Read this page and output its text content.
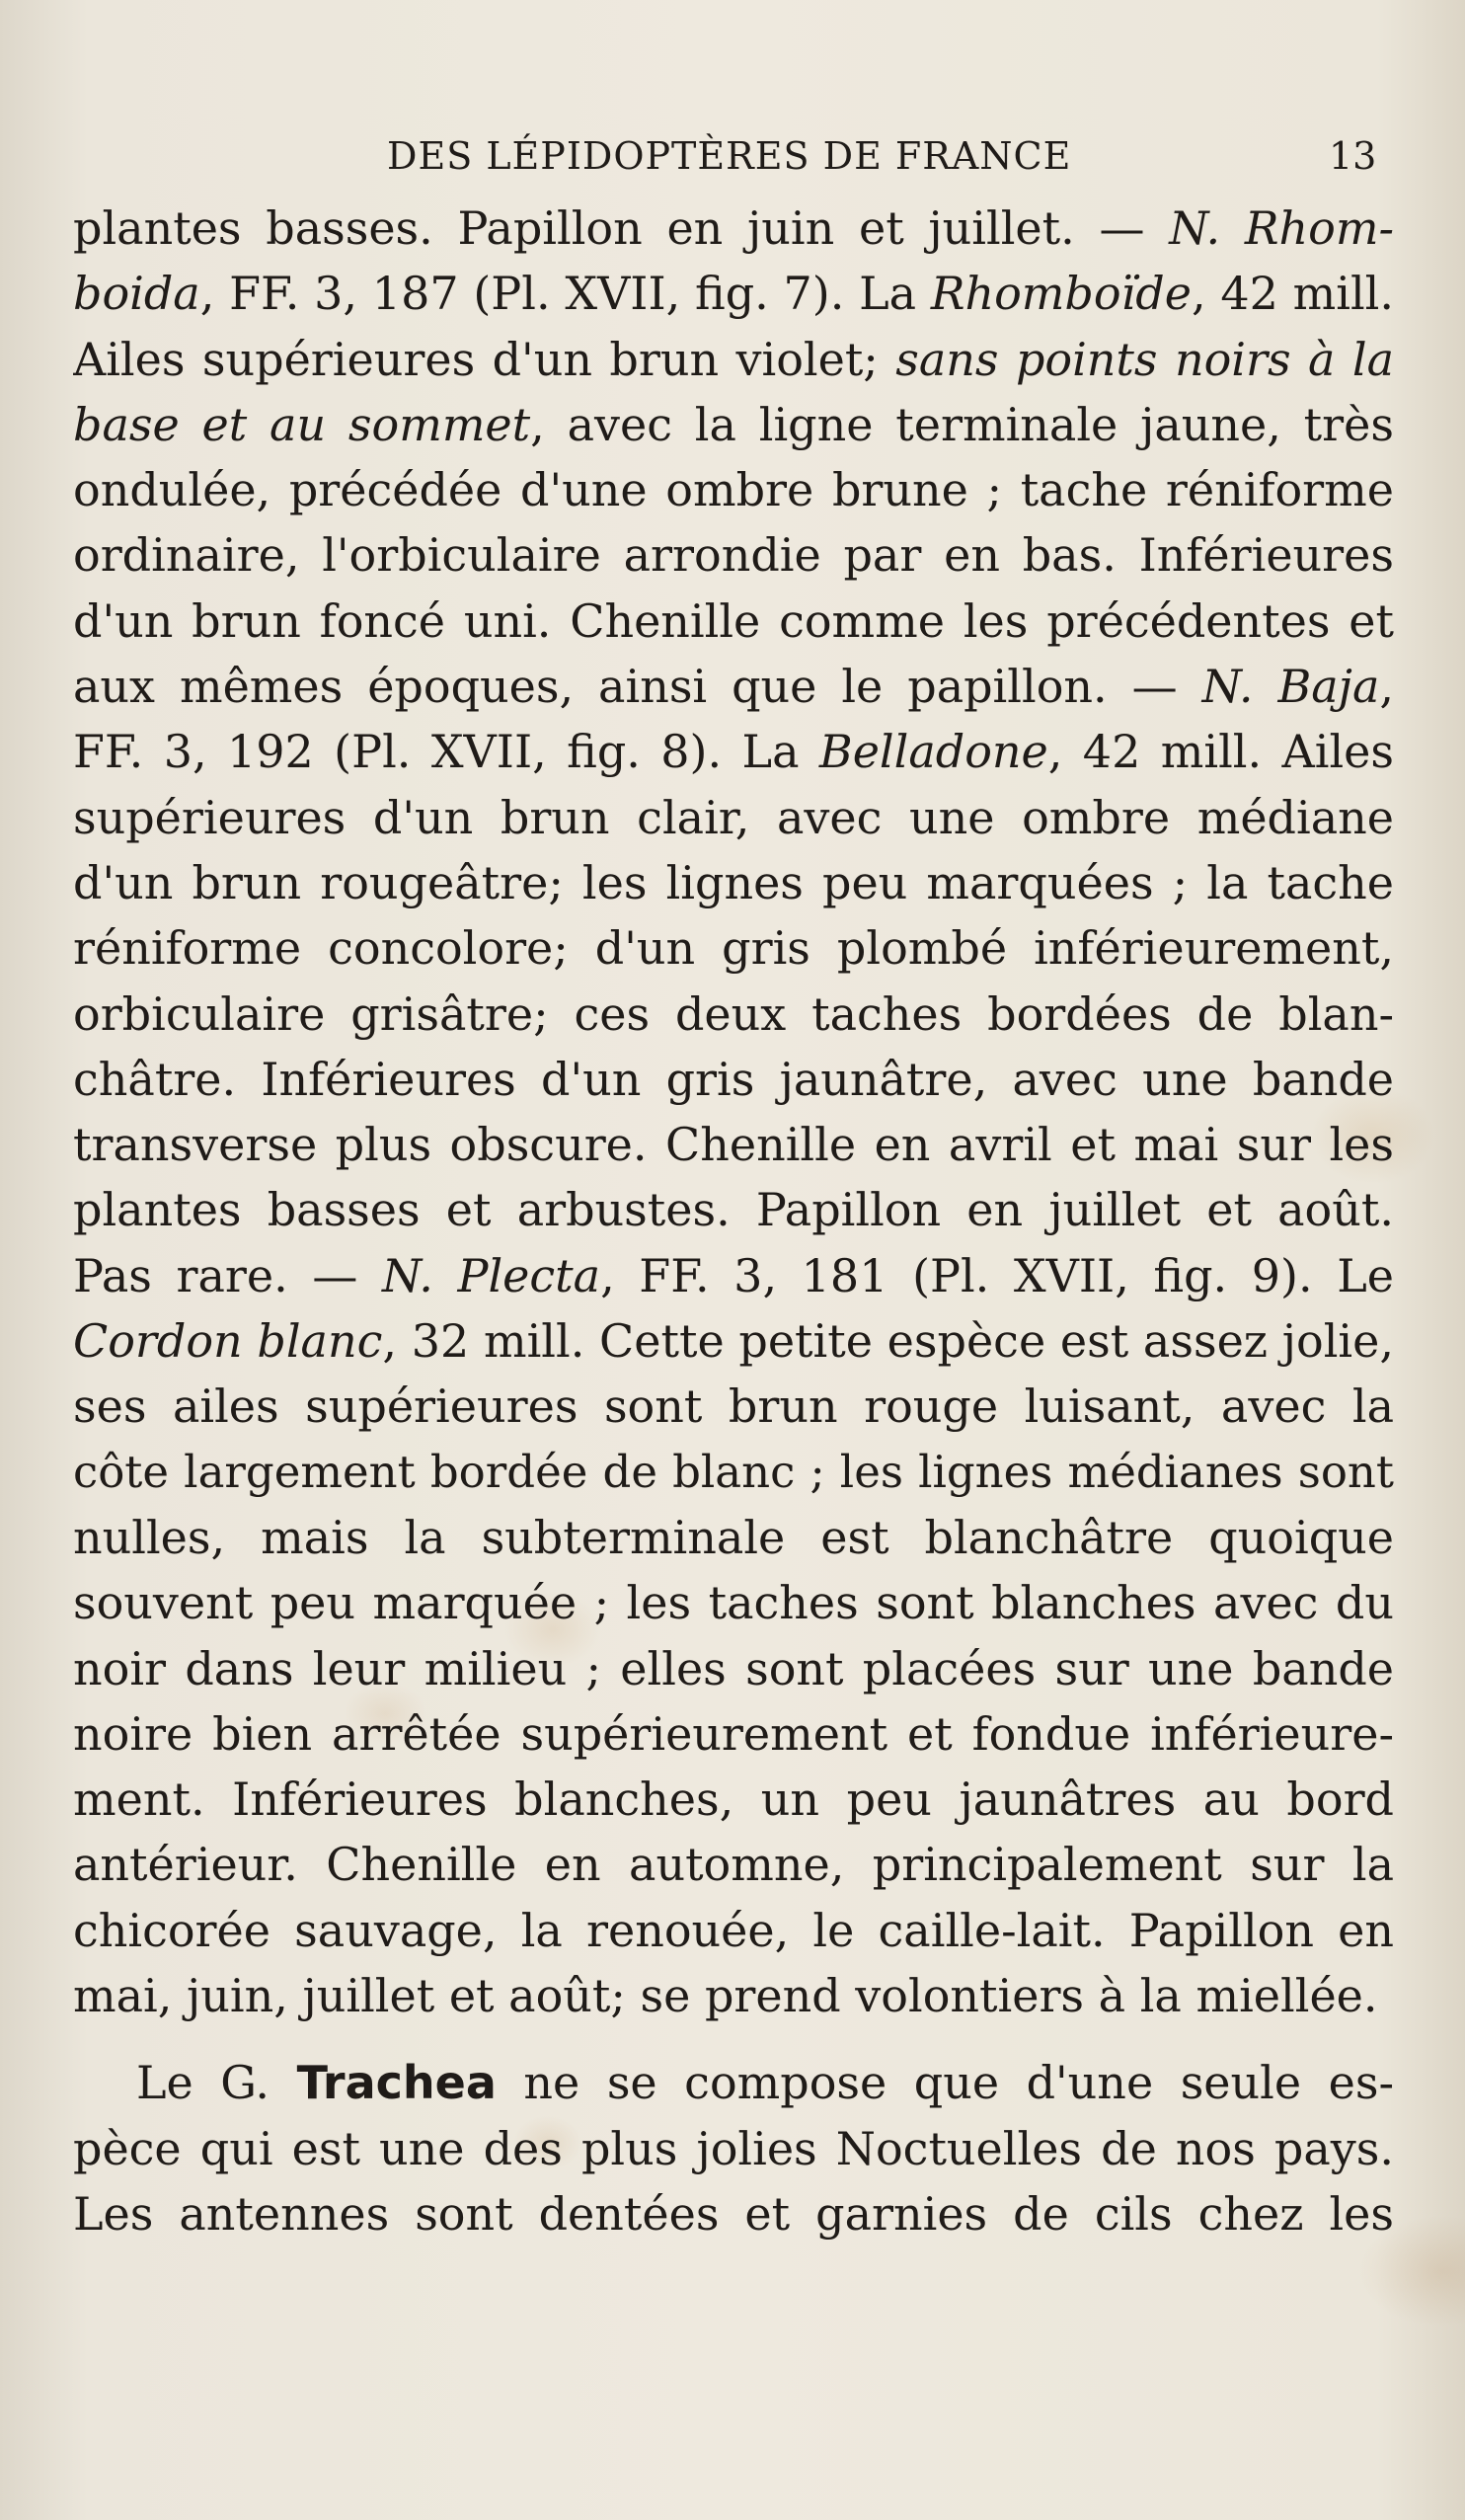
DES LÉPIDOPTÈRES DE FRANCE	13
plantes basses. Papillon en juin et juillet. — N. Rhom-
boida, FF. 3, 187 (Pl. XVII, fig. 7). La Rhomboïde, 42 mill.
Ailes supérieures d'un brun violet; sans points noirs à la
base et au sommet, avec la ligne terminale jaune, très
ondulée, précédée d'une ombre brune ; tache réniforme
ordinaire, l'orbiculaire arrondie par en bas. Inférieures
d'un brun foncé uni. Chenille comme les précédentes et
aux mêmes époques, ainsi que le papillon. — N. Baja,
FF. 3, 192 (Pl. XVII, fig. 8). La Belladone, 42 mill. Ailes
supérieures d'un brun clair, avec une ombre médiane
d'un brun rougeâtre; les lignes peu marquées ; la tache
réniforme concolore; d'un gris plombé inférieurement,
orbiculaire grisâtre; ces deux taches bordées de blan-
châtre. Inférieures d'un gris jaunâtre, avec une bande
transverse plus obscure. Chenille en avril et mai sur les
plantes basses et arbustes. Papillon en juillet et août.
Pas rare. — N. Plecta, FF. 3, 181 (Pl. XVII, fig. 9). Le
Cordon blanc, 32 mill. Cette petite espèce est assez jolie,
ses ailes supérieures sont brun rouge luisant, avec la
côte largement bordée de blanc ; les lignes médianes sont
nulles, mais la subterminale est blanchâtre quoique
souvent peu marquée ; les taches sont blanches avec du
noir dans leur milieu ; elles sont placées sur une bande
noire bien arrêtée supérieurement et fondue inférieure-
ment. Inférieures blanches, un peu jaunâtres au bord
antérieur. Chenille en automne, principalement sur la
chicorée sauvage, la renouée, le caille-lait. Papillon en
mai, juin, juillet et août; se prend volontiers à la miellée.
Le G. Trachea ne se compose que d'une seule es-
pèce qui est une des plus jolies Noctuelles de nos pays.
Les antennes sont dentées et garnies de cils chez les
